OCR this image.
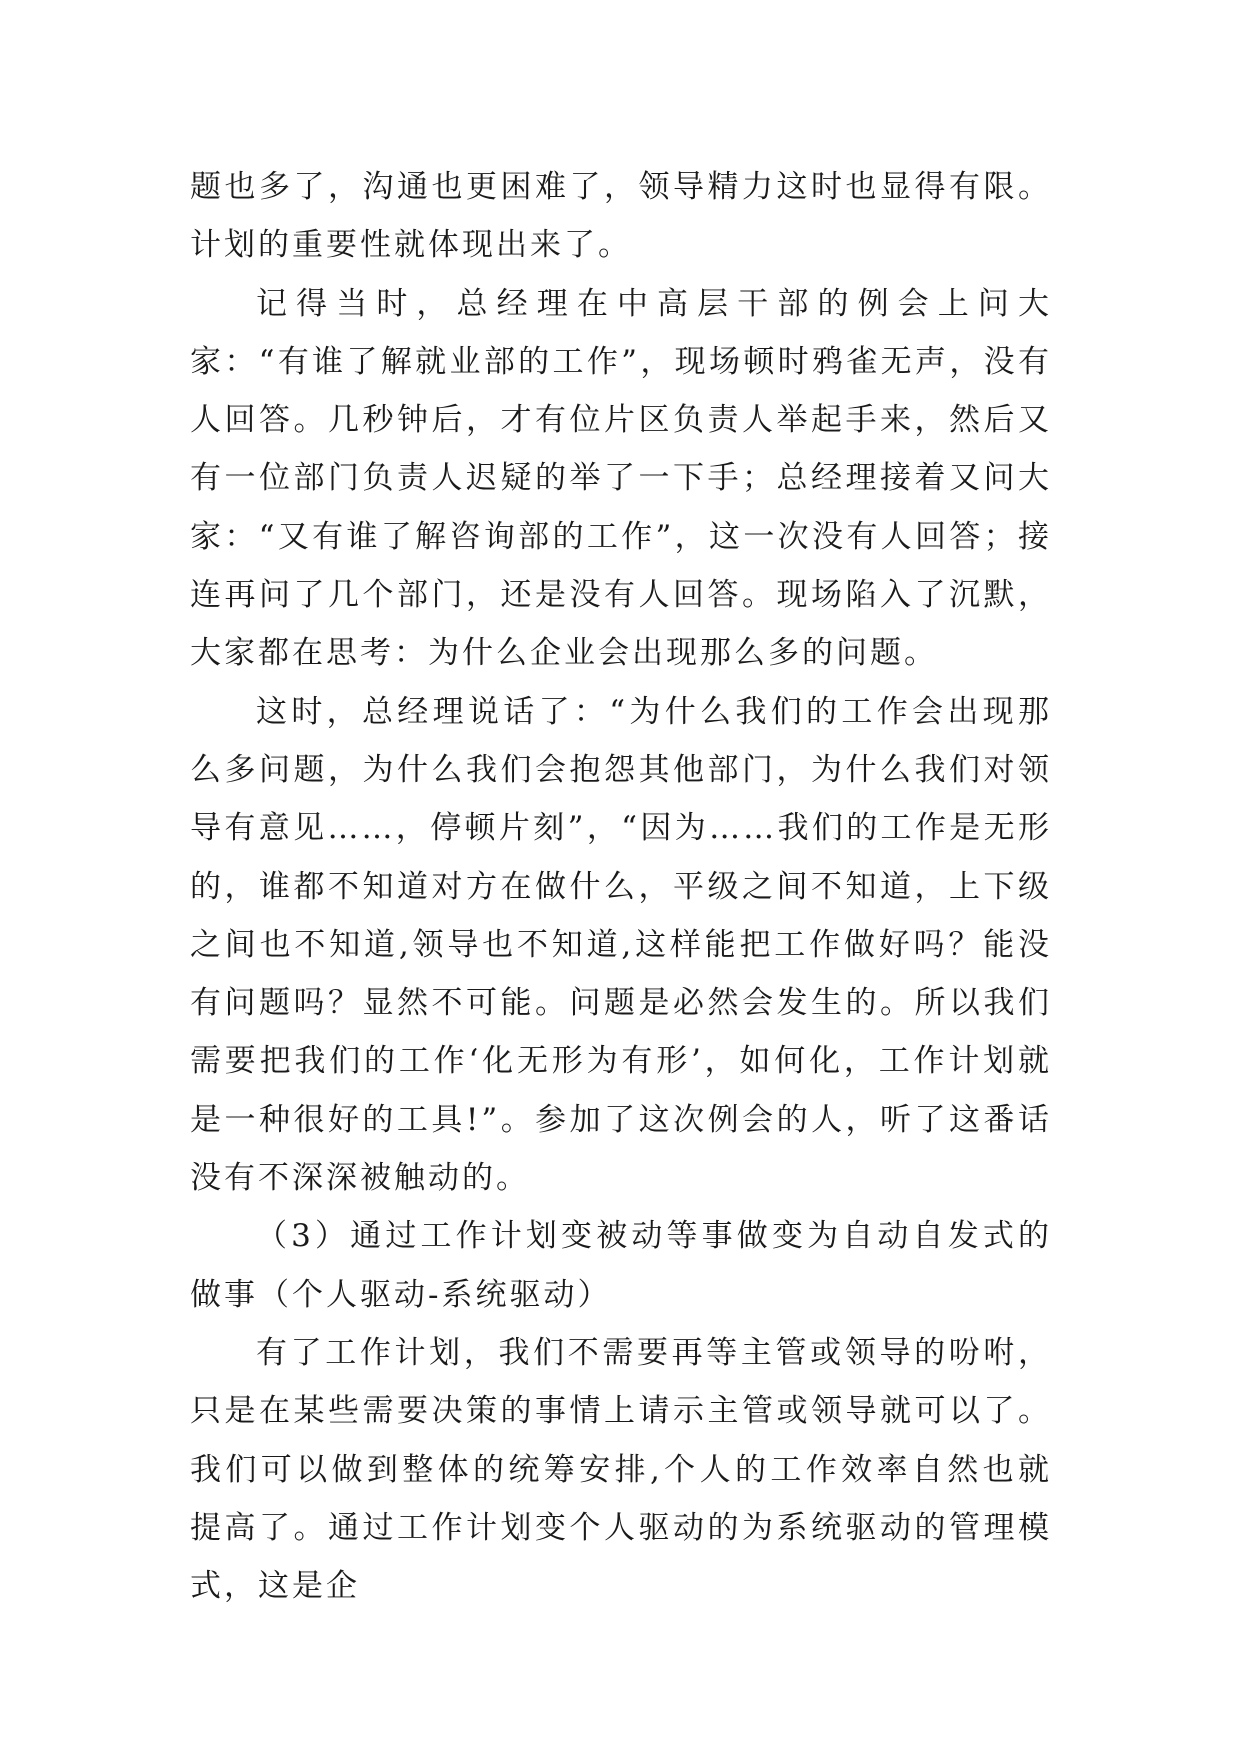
题也多了，沟通也更困难了，领导精力这时也显得有限。计划的重要性就体现出来了。

记得当时，总经理在中高层干部的例会上问大家：“有谁了解就业部的工作”，现场顿时鸦雀无声，没有人回答。几秒钟后，才有位片区负责人举起手来，然后又有一位部门负责人迟疑的举了一下手；总经理接着又问大家：“又有谁了解咨询部的工作”，这一次没有人回答；接连再问了几个部门，还是没有人回答。现场陷入了沉默，大家都在思考：为什么企业会出现那么多的问题。

这时，总经理说话了：“为什么我们的工作会出现那么多问题，为什么我们会抱怨其他部门，为什么我们对领导有意见……，停顿片刻”，“因为……我们的工作是无形的，谁都不知道对方在做什么，平级之间不知道，上下级之间也不知道,领导也不知道,这样能把工作做好吗？能没有问题吗？显然不可能。问题是必然会发生的。所以我们需要把我们的工作‘化无形为有形’，如何化，工作计划就是一种很好的工具!”。参加了这次例会的人，听了这番话没有不深深被触动的。

（3）通过工作计划变被动等事做变为自动自发式的做事（个人驱动-系统驱动）

有了工作计划，我们不需要再等主管或领导的吩咐，只是在某些需要决策的事情上请示主管或领导就可以了。我们可以做到整体的统筹安排,个人的工作效率自然也就提高了。通过工作计划变个人驱动的为系统驱动的管理模式，这是企
